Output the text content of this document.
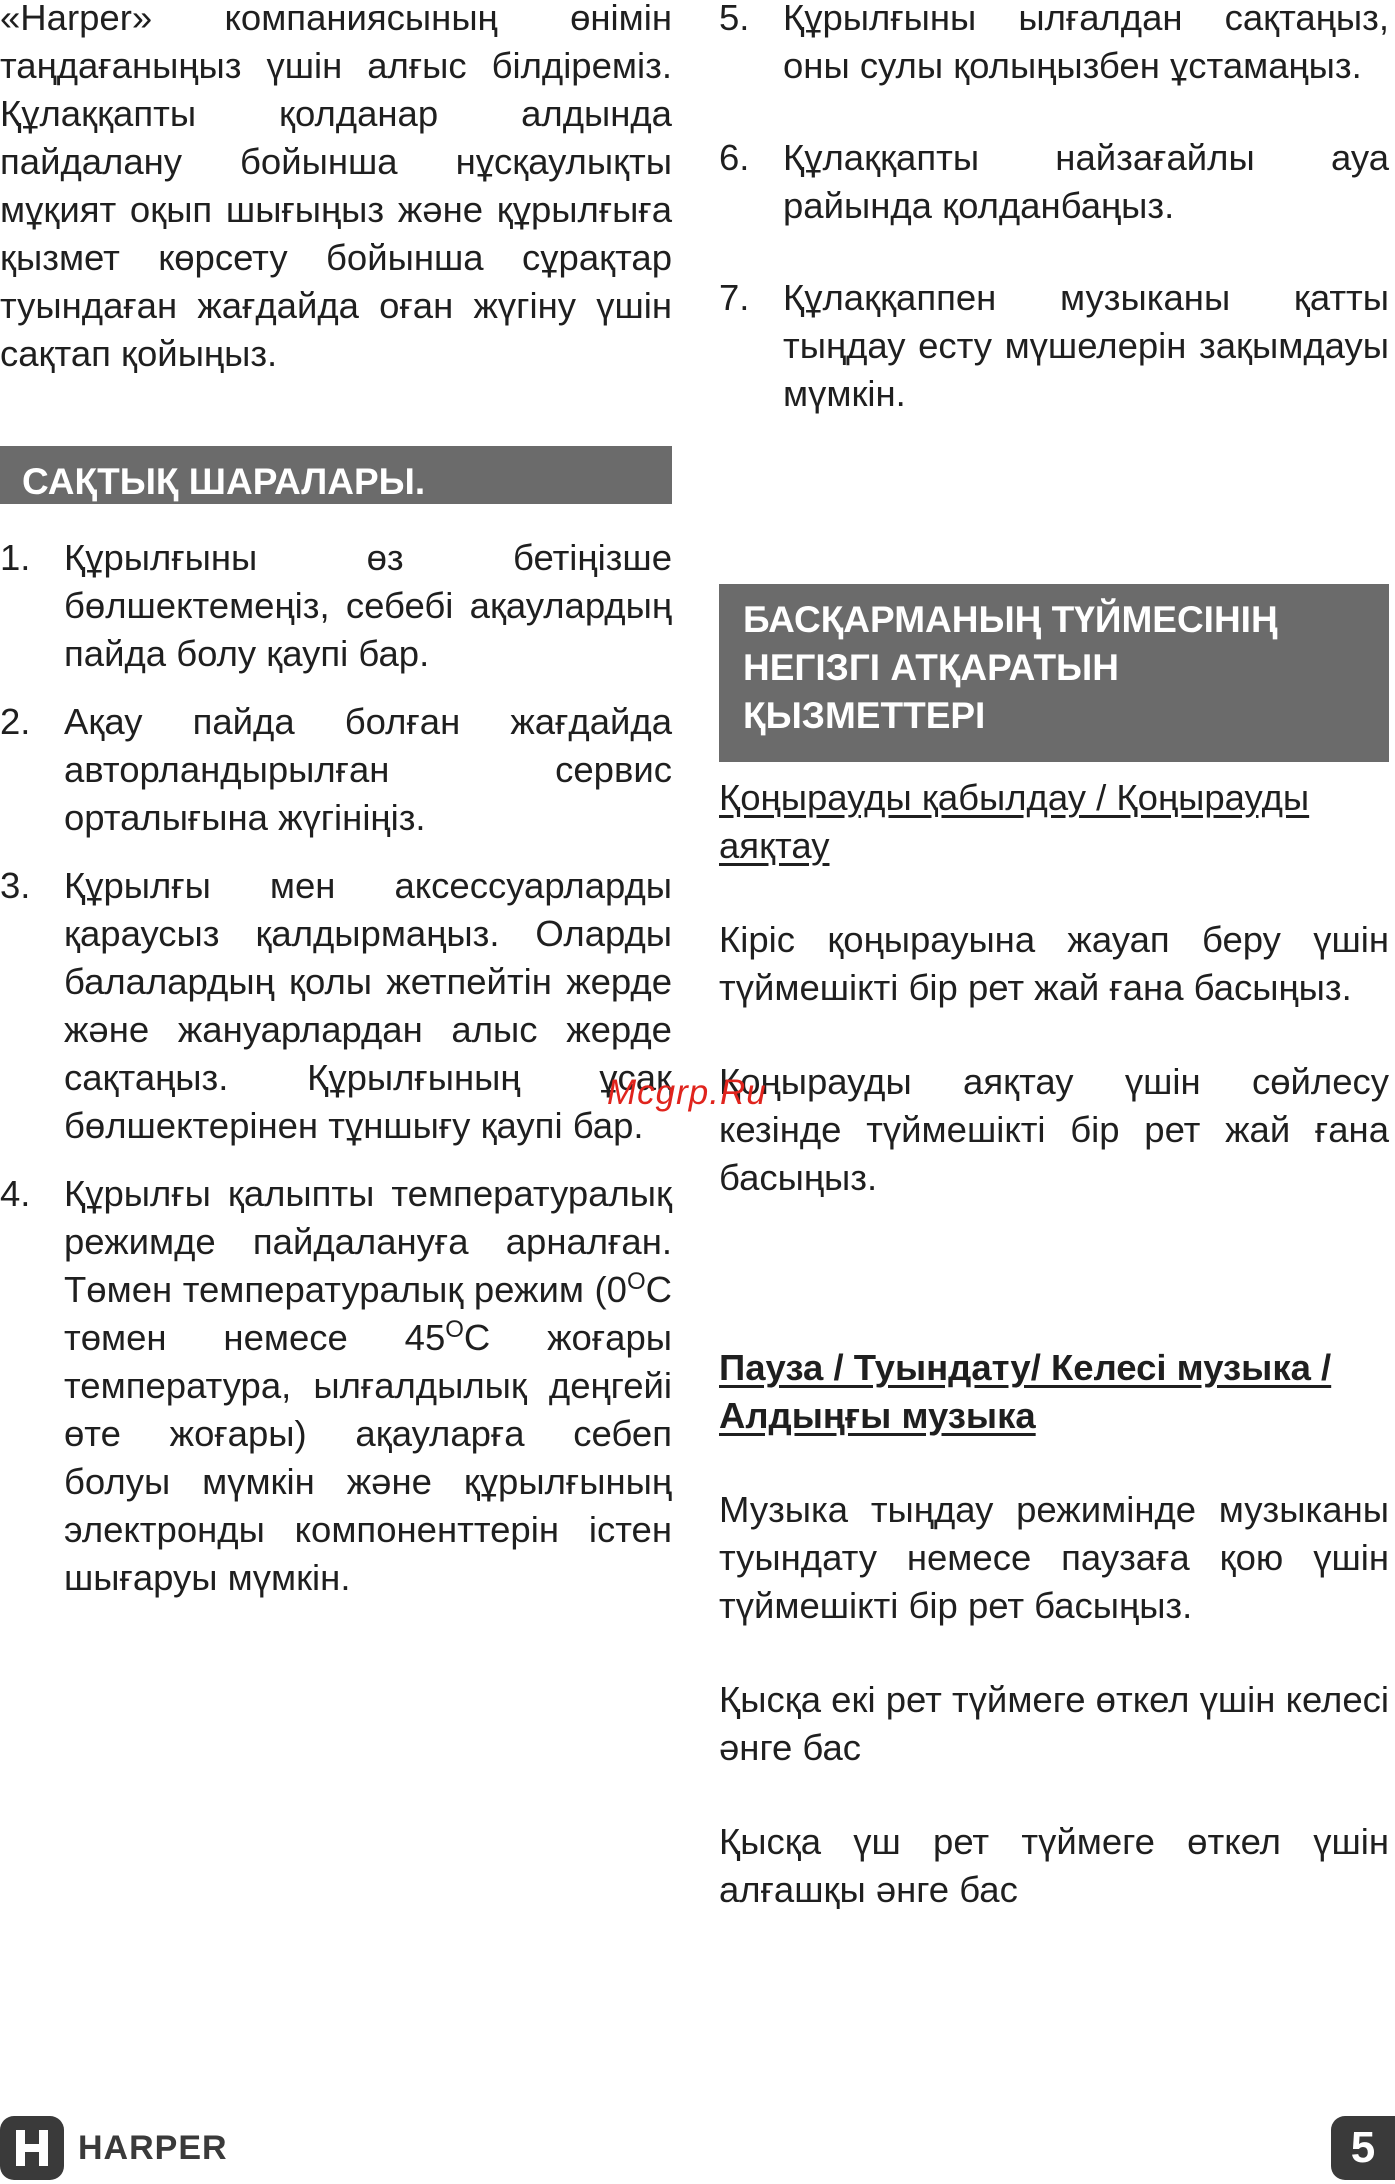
«Harper» компаниясының өнімін таңдағаныңыз үшін алғыс білдіреміз. Құлаққапты қолданар алдында пайдалану бойынша нұсқаулықты мұқият оқып шығыңыз және құрылғыға қызмет көрсету бойынша сұрақтар туындаған жағдайда оған жүгіну үшін сақтап қойыңыз.

САҚТЫҚ ШАРАЛАРЫ.
1. Құрылғыны өз бетіңізше бөлшектемеңіз, себебі ақаулардың пайда болу қаупі бар.
2. Ақау пайда болған жағдайда авторландырылған сервис орталығына жүгініңіз.
3. Құрылғы мен аксессуарларды қараусыз қалдырмаңыз. Оларды балалардың қолы жетпейтін жерде және жануарлардан алыс жерде сақтаңыз. Құрылғының ұсақ бөлшектерінен тұншығу қаупі бар.
4. Құрылғы қалыпты температуралық режимде пайдалануға арналған. Төмен температуралық режим ($0^ОС$ төмен немесе $45^ОС$ жоғары температура, ылғалдылық деңгейі өте жоғары) ақауларға себеп болуы мүмкін және құрылғының электронды компоненттерін істен шығаруы мүмкін.
5. Құрылғыны ылғалдан сақтаңыз, оны сулы қолыңызбен ұстамаңыз.
6. Құлаққапты найзағайлы ауа райында қолданбаңыз.
7. Құлаққаппен музыканы қатты тыңдау есту мүшелерін зақымдауы мүмкін.
БАСҚАРМАНЫҢ ТҮЙМЕСІНІҢ НЕГІЗГІ АТҚАРАТЫН ҚЫЗМЕТТЕРІ

Қоңырауды қабылдау / Қоңырауды аяқтау

Кіріс қоңырауына жауап беру үшін түймешікті бір рет жай ғана басыңыз.

Қоңырауды аяқтау үшін сөйлесу кезінде түймешікті бір рет жай ғана басыңыз.

Пауза / Туындату/ Келесі музыка / Алдыңғы музыка

Музыка тыңдау режимінде музыканы туындату немесе паузаға қою үшін түймешікті бір рет басыңыз.

Қысқа екі рет түймеге өткел үшін келесі әнге бас

Қысқа үш рет түймеге өткел үшін алғашқы әнге бас

Mcgrp.Ru
HARPER	5
